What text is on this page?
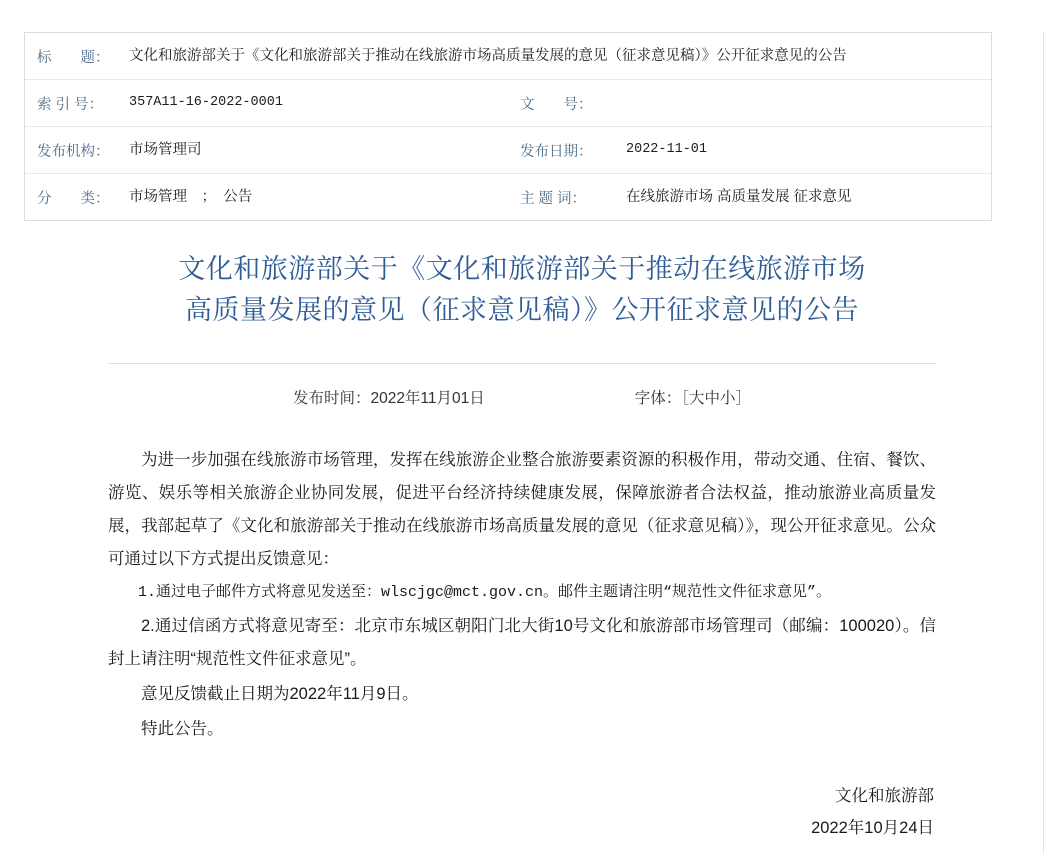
标　　题：	文化和旅游部关于《文化和旅游部关于推动在线旅游市场高质量发展的意见（征求意见稿）》公开征求意见的公告
索 引 号：	357A11-16-2022-0001	文　　号：
发布机构：	市场管理司	发布日期：	2022-11-01
分　　类：	市场管理　；　公告	主 题 词：	在线旅游市场 高质量发展 征求意见
文化和旅游部关于《文化和旅游部关于推动在线旅游市场
高质量发展的意见（征求意见稿）》公开征求意见的公告
发布时间：2022年11月01日	字体：［大中小］

为进一步加强在线旅游市场管理，发挥在线旅游企业整合旅游要素资源的积极作用，带动交通、住宿、餐饮、游览、娱乐等相关旅游企业协同发展，促进平台经济持续健康发展，保障旅游者合法权益，推动旅游业高质量发展，我部起草了《文化和旅游部关于推动在线旅游市场高质量发展的意见（征求意见稿）》，现公开征求意见。公众可通过以下方式提出反馈意见：

1.通过电子邮件方式将意见发送至：wlscjgc@mct.gov.cn。邮件主题请注明“规范性文件征求意见”。

2.通过信函方式将意见寄至：北京市东城区朝阳门北大街10号文化和旅游部市场管理司（邮编：100020）。信封上请注明“规范性文件征求意见”。

意见反馈截止日期为2022年11月9日。

特此公告。

文化和旅游部
2022年10月24日
